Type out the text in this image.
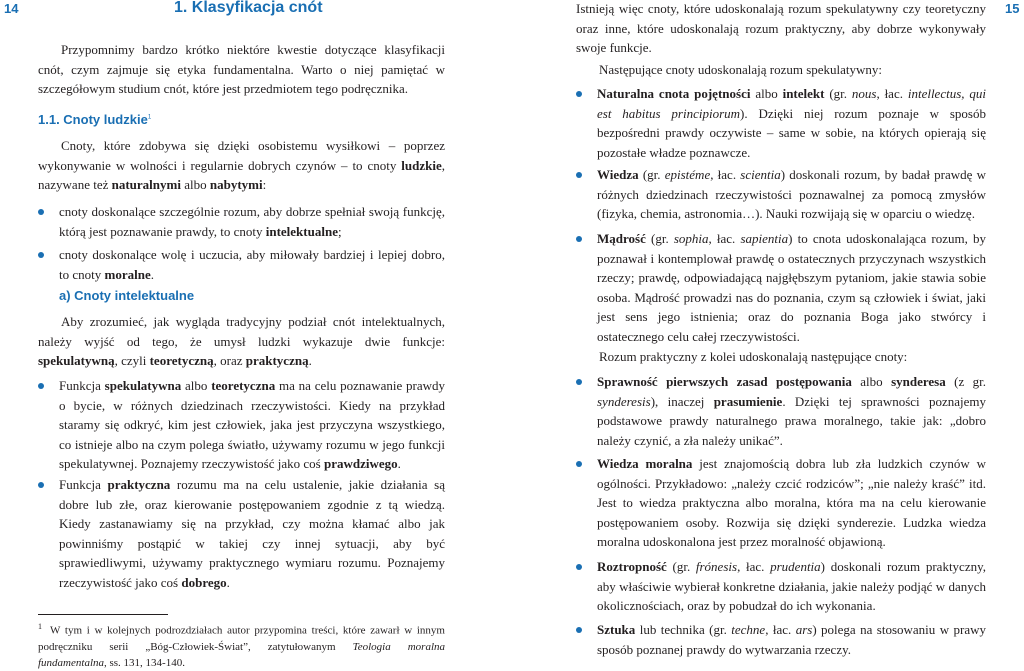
14	1. Klasyfikacja cnót
Przypomnimy bardzo krótko niektóre kwestie dotyczące klasyfikacji cnót, czym zajmuje się etyka fundamentalna. Warto o niej pamiętać w szczegółowym studium cnót, które jest przedmiotem tego podręcznika.
1.1. Cnoty ludzkie$^1$
Cnoty, które zdobywa się dzięki osobistemu wysiłkowi – poprzez wykonywanie w wolności i regularnie dobrych czynów – to cnoty ludzkie, nazywane też naturalnymi albo nabytymi:
cnoty doskonalące szczególnie rozum, aby dobrze spełniał swoją funkcję, którą jest poznawanie prawdy, to cnoty intelektualne;
cnoty doskonalące wolę i uczucia, aby miłowały bardziej i lepiej dobro, to cnoty moralne.
a) Cnoty intelektualne
Aby zrozumieć, jak wygląda tradycyjny podział cnót intelektualnych, należy wyjść od tego, że umysł ludzki wykazuje dwie funkcje: spekulatywną, czyli teoretyczną, oraz praktyczną.
Funkcja spekulatywna albo teoretyczna ma na celu poznawanie prawdy o bycie, w różnych dziedzinach rzeczywistości. Kiedy na przykład staramy się odkryć, kim jest człowiek, jaka jest przyczyna wszystkiego, co istnieje albo na czym polega światło, używamy rozumu w jego funkcji spekulatywnej. Poznajemy rzeczywistość jako coś prawdziwego.
Funkcja praktyczna rozumu ma na celu ustalenie, jakie działania są dobre lub złe, oraz kierowanie postępowaniem zgodnie z tą wiedzą. Kiedy zastanawiamy się na przykład, czy można kłamać albo jak powinniśmy postąpić w takiej czy innej sytuacji, aby być sprawiedliwymi, używamy praktycznego wymiaru rozumu. Poznajemy rzeczywistość jako coś dobrego.
$^1$ W tym i w kolejnych podrozdziałach autor przypomina treści, które zawarł w innym podręczniku serii „Bóg-Człowiek-Świat”, zatytułowanym Teologia moralna fundamentalna, ss. 131, 134-140.
15
Istnieją więc cnoty, które udoskonalają rozum spekulatywny czy teoretyczny oraz inne, które udoskonalają rozum praktyczny, aby dobrze wykonywały swoje funkcje.
Następujące cnoty udoskonalają rozum spekulatywny:
Naturalna cnota pojętności albo intelekt (gr. nous, łac. intellectus, qui est habitus principiorum). Dzięki niej rozum poznaje w sposób bezpośredni prawdy oczywiste – same w sobie, na których opierają się pozostałe władze poznawcze.
Wiedza (gr. epistéme, łac. scientia) doskonali rozum, by badał prawdę w różnych dziedzinach rzeczywistości poznawalnej za pomocą zmysłów (fizyka, chemia, astronomia…). Nauki rozwijają się w oparciu o wiedzę.
Mądrość (gr. sophia, łac. sapientia) to cnota udoskonalająca rozum, by poznawał i kontemplował prawdę o ostatecznych przyczynach wszystkich rzeczy; prawdę, odpowiadającą najgłębszym pytaniom, jakie stawia sobie osoba. Mądrość prowadzi nas do poznania, czym są człowiek i świat, jaki jest sens jego istnienia; oraz do poznania Boga jako stwórcy i ostatecznego celu całej rzeczywistości.
Rozum praktyczny z kolei udoskonalają następujące cnoty:
Sprawność pierwszych zasad postępowania albo synderesa (z gr. synderesis), inaczej prasumienie. Dzięki tej sprawności poznajemy podstawowe prawdy naturalnego prawa moralnego, takie jak: „dobro należy czynić, a zła należy unikać”.
Wiedza moralna jest znajomością dobra lub zła ludzkich czynów w ogólności. Przykładowo: „należy czcić rodziców”; „nie należy kraść” itd. Jest to wiedza praktyczna albo moralna, która ma na celu kierowanie postępowaniem osoby. Rozwija się dzięki synderezie. Ludzka wiedza moralna udoskonalona jest przez moralność objawioną.
Roztropność (gr. frónesis, łac. prudentia) doskonali rozum praktyczny, aby właściwie wybierał konkretne działania, jakie należy podjąć w danych okolicznościach, oraz by pobudzał do ich wykonania.
Sztuka lub technika (gr. techne, łac. ars) polega na stosowaniu w prawy sposób poznanej prawdy do wytwarzania rzeczy.
